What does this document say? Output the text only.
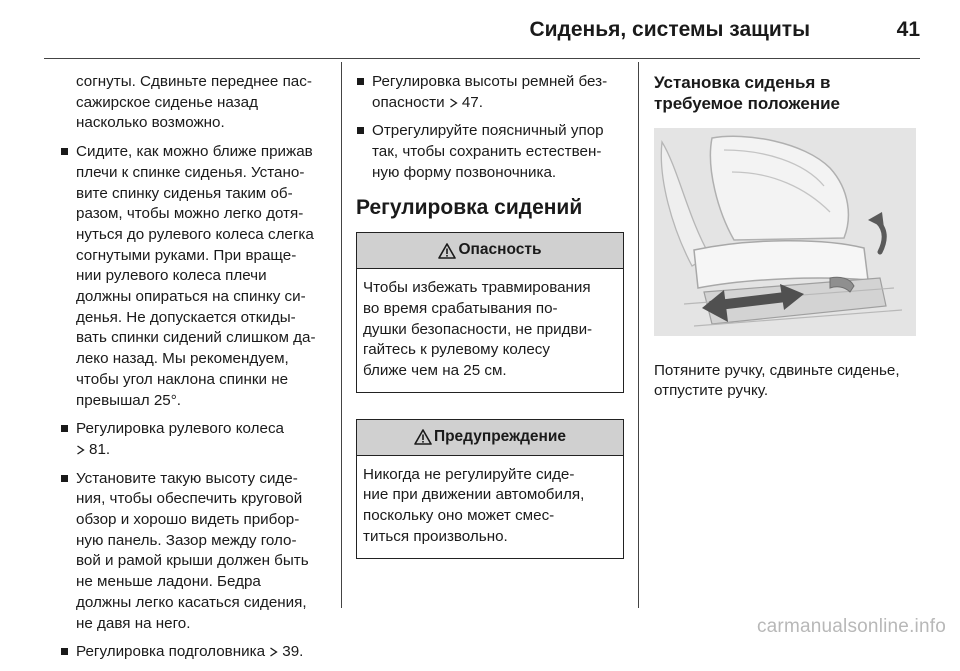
Сиденья, системы защиты	41

согнуты. Сдвиньте переднее пас-
сажирское сиденье назад
насколько возможно.

Сидите, как можно ближе прижав
плечи к спинке сиденья. Устано-
вите спинку сиденья таким об-
разом, чтобы можно легко дотя-
нуться до рулевого колеса слегка
согнутыми руками. При враще-
нии рулевого колеса плечи
должны опираться на спинку си-
денья. Не допускается откиды-
вать спинки сидений слишком да-
леко назад. Мы рекомендуем,
чтобы угол наклона спинки не
превышал 25°.
Регулировка рулевого колеса
81.
Установите такую высоту сиде-
ния, чтобы обеспечить круговой
обзор и хорошо видеть прибор-
ную панель. Зазор между голо-
вой и рамой крыши должен быть
не меньше ладони. Бедра
должны легко касаться сидения,
не давя на него.
Регулировка подголовника 39.
Регулировка высоты ремней без-
опасности 47.
Отрегулируйте поясничный упор
так, чтобы сохранить естествен-
ную форму позвоночника.
Регулировка сидений
Опасность
Чтобы избежать травмирования
во время срабатывания по-
душки безопасности, не придви-
гайтесь к рулевому колесу
ближе чем на 25 см.
Предупреждение
Никогда не регулируйте сиде-
ние при движении автомобиля,
поскольку оно может смес-
титься произвольно.
Установка сиденья в
требуемое положение

Потяните ручку, сдвиньте сиденье,
отпустите ручку.

carmanualsonline.info
